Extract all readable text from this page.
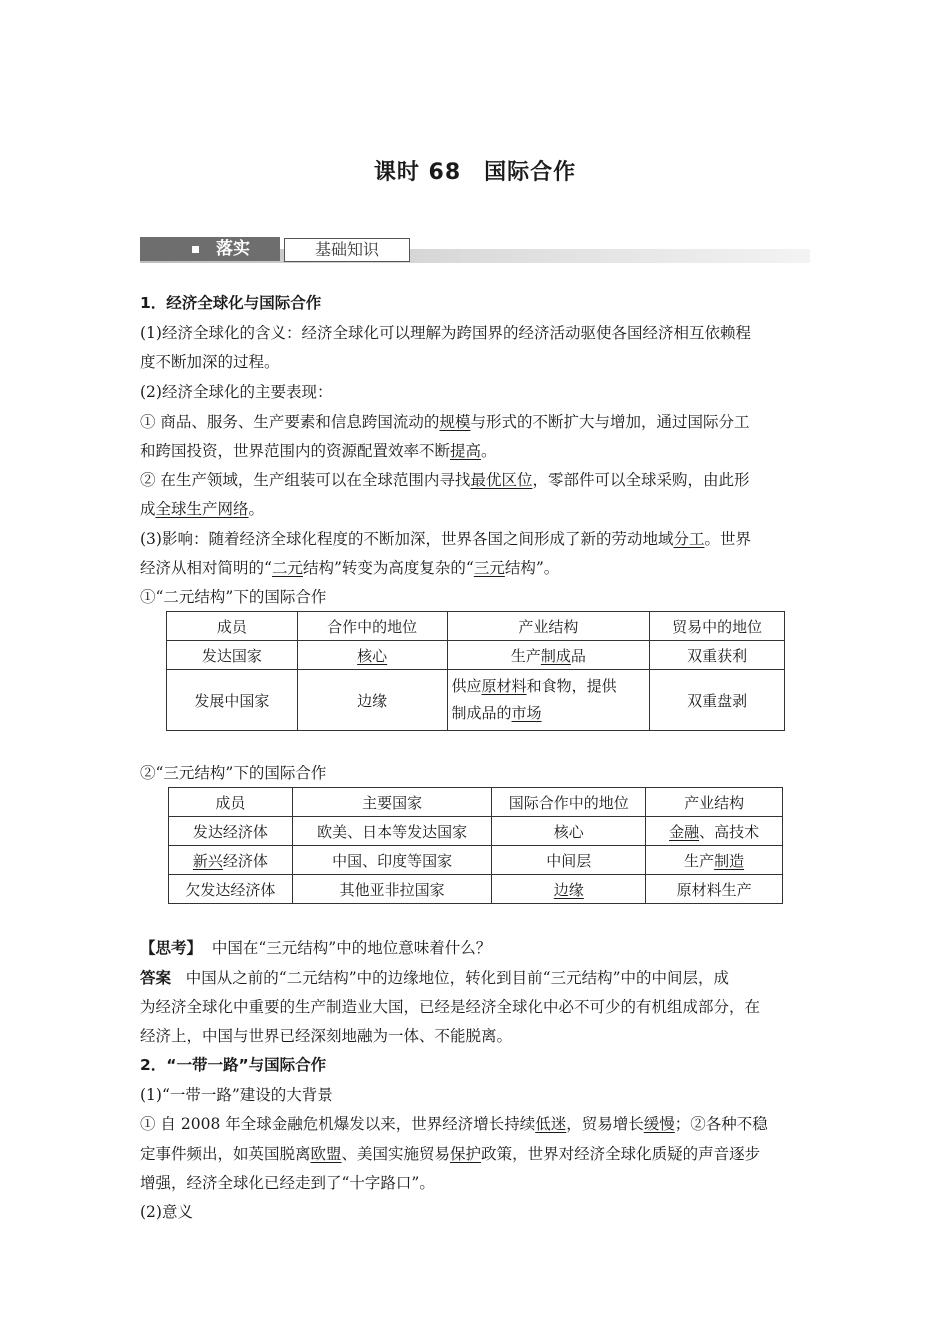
课时 68　国际合作
落实	基础知识
1．经济全球化与国际合作
(1)经济全球化的含义：经济全球化可以理解为跨国界的经济活动驱使各国经济相互依赖程
度不断加深的过程。
(2)经济全球化的主要表现：
① 商品、服务、生产要素和信息跨国流动的规模与形式的不断扩大与增加，通过国际分工
和跨国投资，世界范围内的资源配置效率不断提高。
② 在生产领域，生产组装可以在全球范围内寻找最优区位，零部件可以全球采购，由此形
成全球生产网络。
(3)影响：随着经济全球化程度的不断加深，世界各国之间形成了新的劳动地域分工。世界
经济从相对简明的“二元结构”转变为高度复杂的“三元结构”。
①“二元结构”下的国际合作
成员	合作中的地位	产业结构	贸易中的地位
发达国家	核心	生产制成品	双重获利
发展中国家	边缘	供应原材料和食物，提供
制成品的市场	双重盘剥
②“三元结构”下的国际合作
成员	主要国家	国际合作中的地位	产业结构
发达经济体	欧美、日本等发达国家	核心	金融、高技术
新兴经济体	中国、印度等国家	中间层	生产制造
欠发达经济体	其他亚非拉国家	边缘	原材料生产
【思考】 中国在“三元结构”中的地位意味着什么？
答案 中国从之前的“二元结构”中的边缘地位，转化到目前“三元结构”中的中间层，成
为经济全球化中重要的生产制造业大国，已经是经济全球化中必不可少的有机组成部分，在
经济上，中国与世界已经深刻地融为一体、不能脱离。
2．“一带一路”与国际合作
(1)“一带一路”建设的大背景
① 自 2008 年全球金融危机爆发以来，世界经济增长持续低迷，贸易增长缓慢；②各种不稳
定事件频出，如英国脱离欧盟、美国实施贸易保护政策，世界对经济全球化质疑的声音逐步
增强，经济全球化已经走到了“十字路口”。
(2)意义
